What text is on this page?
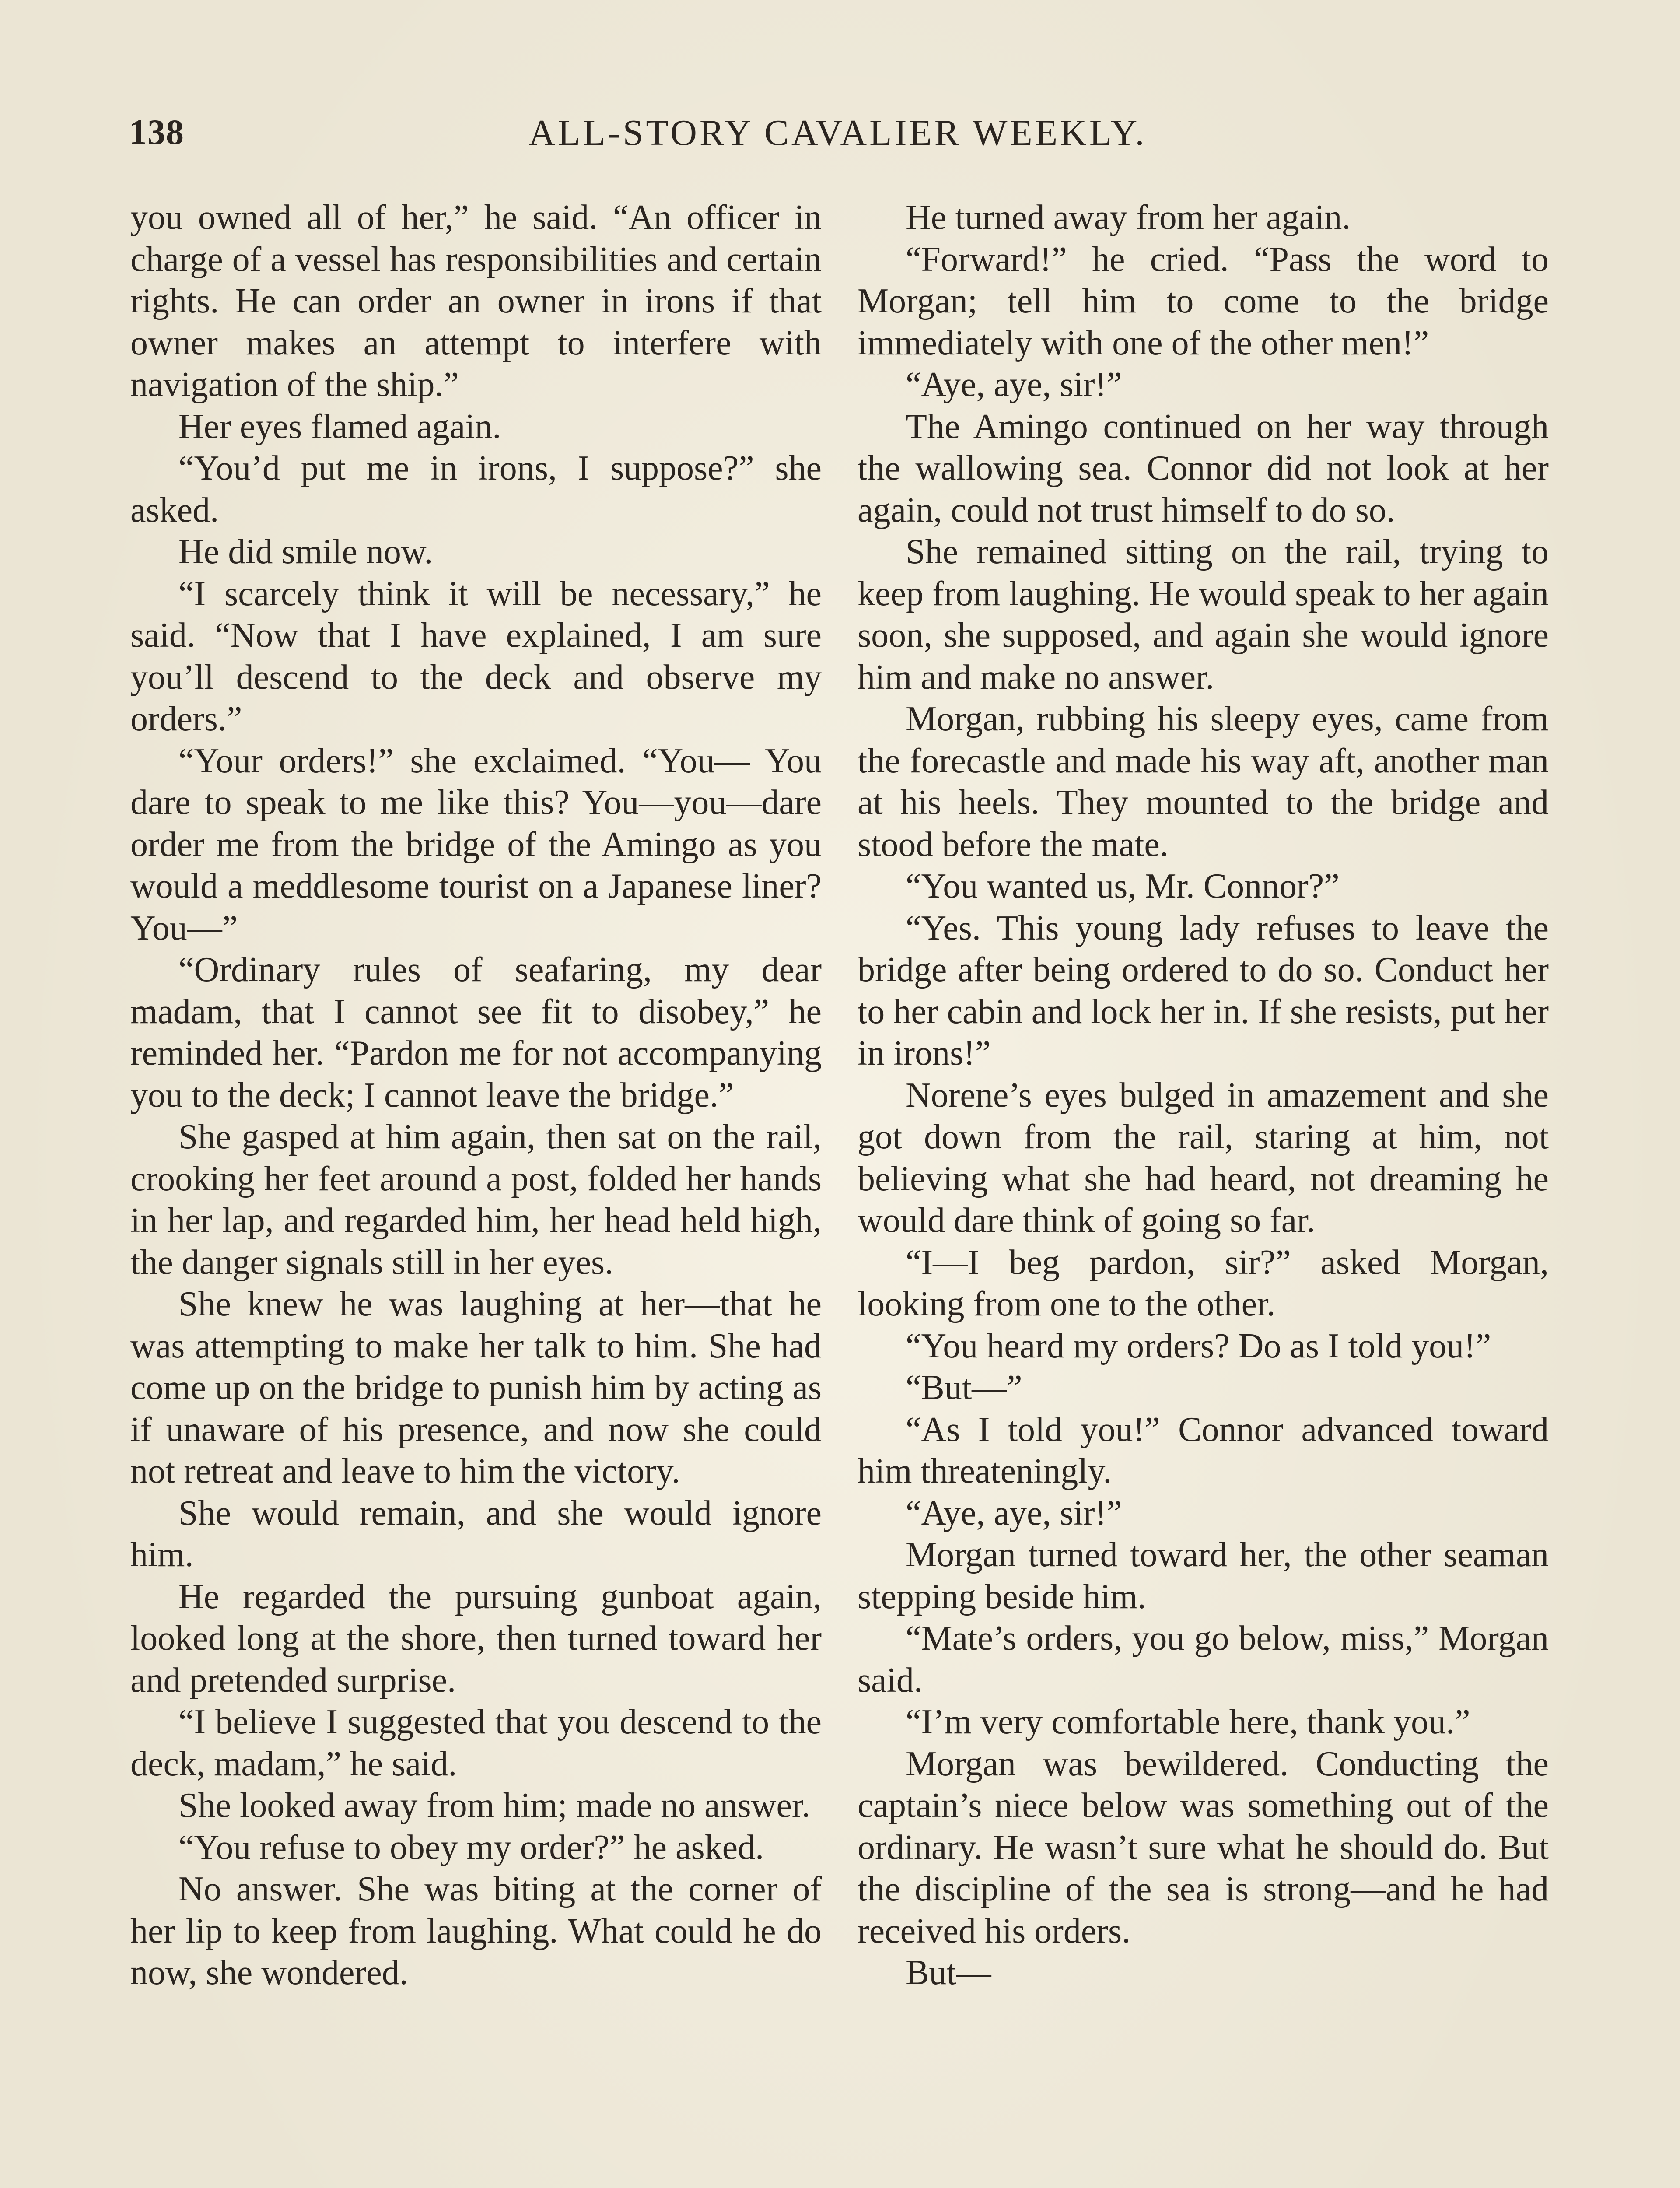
138	ALL-STORY CAVALIER WEEKLY.

you owned all of her,” he said. “An officer in charge of a vessel has responsibilities and certain rights. He can order an owner in irons if that owner makes an attempt to interfere with navigation of the ship.”

Her eyes flamed again.

“You’d put me in irons, I suppose?” she asked.

He did smile now.

“I scarcely think it will be necessary,” he said. “Now that I have explained, I am sure you’ll descend to the deck and observe my orders.”

“Your orders!” she exclaimed. “You— You dare to speak to me like this? You—you—dare order me from the bridge of the Amingo as you would a meddlesome tourist on a Japanese liner? You—”

“Ordinary rules of seafaring, my dear madam, that I cannot see fit to disobey,” he reminded her. “Pardon me for not accompanying you to the deck; I cannot leave the bridge.”

She gasped at him again, then sat on the rail, crooking her feet around a post, folded her hands in her lap, and regarded him, her head held high, the danger signals still in her eyes.

She knew he was laughing at her—that he was attempting to make her talk to him. She had come up on the bridge to punish him by acting as if unaware of his presence, and now she could not retreat and leave to him the victory.

She would remain, and she would ignore him.

He regarded the pursuing gunboat again, looked long at the shore, then turned toward her and pretended surprise.

“I believe I suggested that you descend to the deck, madam,” he said.

She looked away from him; made no answer.

“You refuse to obey my order?” he asked.

No answer. She was biting at the corner of her lip to keep from laughing. What could he do now, she wondered.

He turned away from her again.

“Forward!” he cried. “Pass the word to Morgan; tell him to come to the bridge immediately with one of the other men!”

“Aye, aye, sir!”

The Amingo continued on her way through the wallowing sea. Connor did not look at her again, could not trust himself to do so.

She remained sitting on the rail, trying to keep from laughing. He would speak to her again soon, she supposed, and again she would ignore him and make no answer.

Morgan, rubbing his sleepy eyes, came from the forecastle and made his way aft, another man at his heels. They mounted to the bridge and stood before the mate.

“You wanted us, Mr. Connor?”

“Yes. This young lady refuses to leave the bridge after being ordered to do so. Conduct her to her cabin and lock her in. If she resists, put her in irons!”

Norene’s eyes bulged in amazement and she got down from the rail, staring at him, not believing what she had heard, not dreaming he would dare think of going so far.

“I—I beg pardon, sir?” asked Morgan, looking from one to the other.

“You heard my orders? Do as I told you!”

“But—”

“As I told you!” Connor advanced toward him threateningly.

“Aye, aye, sir!”

Morgan turned toward her, the other seaman stepping beside him.

“Mate’s orders, you go below, miss,” Morgan said.

“I’m very comfortable here, thank you.”

Morgan was bewildered. Conducting the captain’s niece below was something out of the ordinary. He wasn’t sure what he should do. But the discipline of the sea is strong—and he had received his orders.

But—
